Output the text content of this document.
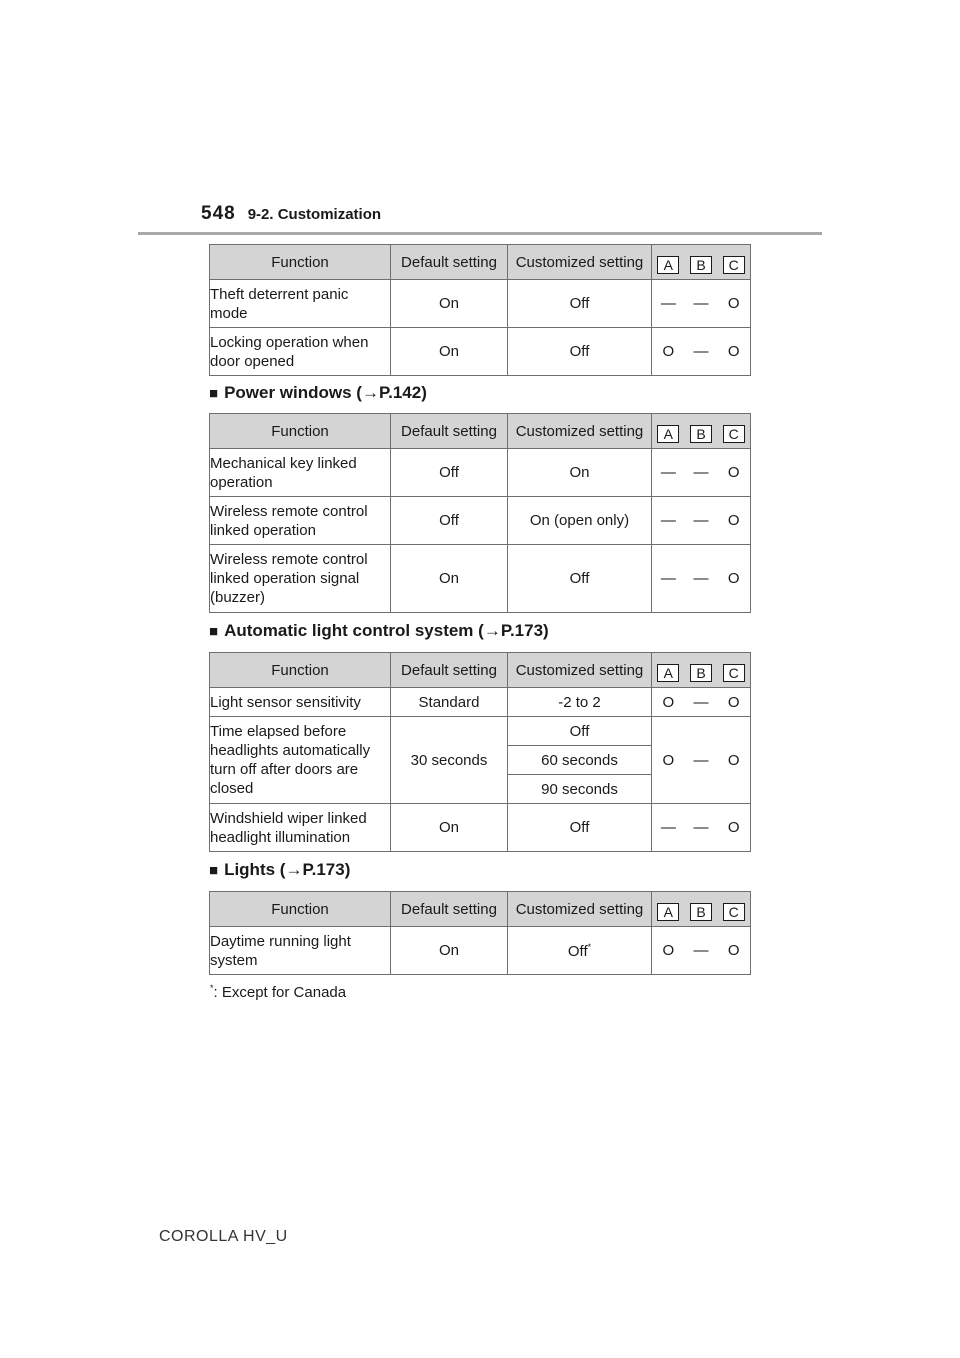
548 9-2. Customization
Function	Default setting	Customized setting	A B C

Theft deterrent panic mode	On	Off	— — O

Locking operation when door opened	On	Off	O — O
■ Power windows ( → P.142)
Function	Default setting	Customized setting	A B C

Mechanical key linked operation	Off	On	— — O

Wireless remote control linked operation	Off	On (open only)	— — O

Wireless remote control linked operation signal (buzzer)	On	Off	— — O
■ Automatic light control system ( → P.173)
Function	Default setting	Customized setting	A B C

Light sensor sensitivity	Standard	-2 to 2	O — O

Time elapsed before headlights automatically turn off after doors are closed	30 seconds	Off	O — O

		60 seconds	
		90 seconds	
Windshield wiper linked headlight illumination	On	Off	— — O
■ Lights ( → P.173)
Function	Default setting	Customized setting	A B C

Daytime running light system	On	Off*	O — O
*: Except for Canada
COROLLA HV_U
